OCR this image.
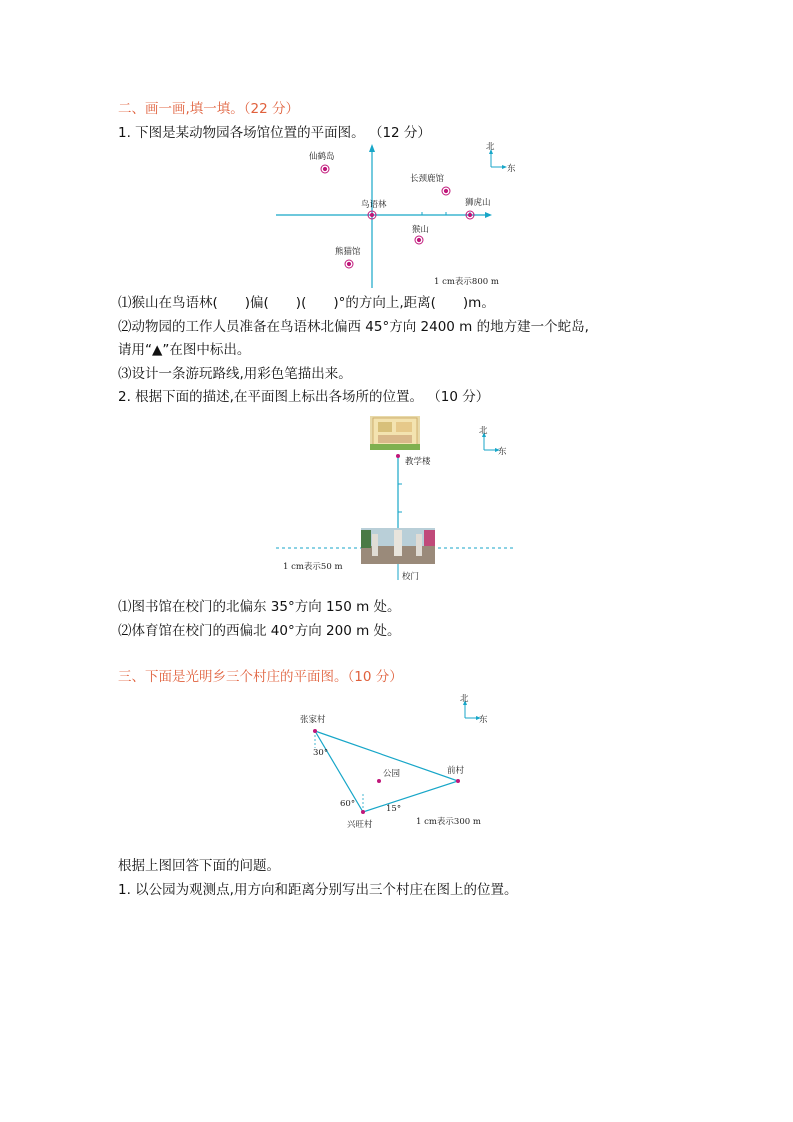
二、画一画,填一填。（22 分）
1. 下图是某动物园各场馆位置的平面图。 （12 分）
北
东
仙鹤岛
鸟语林
长颈鹿馆
猴山
狮虎山
熊猫馆
1 cm表示800 m
⑴猴山在鸟语林(　　)偏(　　)(　　)°的方向上,距离(　　)m。
⑵动物园的工作人员准备在鸟语林北偏西 45°方向 2400 m 的地方建一个蛇岛,
请用“▲”在图中标出。
⑶设计一条游玩路线,用彩色笔描出来。
2. 根据下面的描述,在平面图上标出各场所的位置。 （10 分）
北
东
教学楼
校门
1 cm表示50 m
⑴图书馆在校门的北偏东 35°方向 150 m 处。
⑵体育馆在校门的西偏北 40°方向 200 m 处。
三、下面是光明乡三个村庄的平面图。（10 分）
北
东
张家村
前村
兴旺村
公园
30°
60°	15°
1 cm表示300 m
根据上图回答下面的问题。
1. 以公园为观测点,用方向和距离分别写出三个村庄在图上的位置。
